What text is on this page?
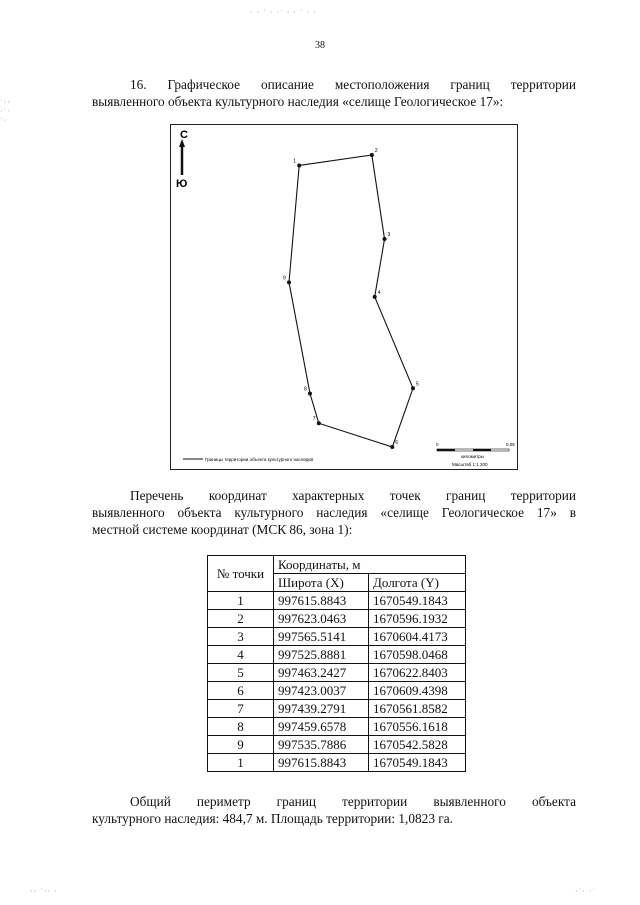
· ‧ ˙ ‧ ·˙ · ‧ ˙ ‧ ·
˙·‧
·˙·
˙‧
38
16. Графическое описание местоположения границ территории
выявленного объекта культурного наследия «селище Геологическое 17»:
С
Ю
1
2
3
4
5
6
7
8
9
Границы территории объекта культурного наследия
0	0.05
километры
Масштаб 1:1 200
Перечень координат характерных точек границ территории
выявленного объекта культурного наследия «селище Геологическое 17» в
местной системе координат (МСК 86, зона 1):
№ точки	Координаты, м	
	Широта (X)	Долгота (Y)
1	997615.8843	1670549.1843
2	997623.0463	1670596.1932
3	997565.5141	1670604.4173
4	997525.8881	1670598.0468
5	997463.2427	1670622.8403
6	997423.0037	1670609.4398
7	997439.2791	1670561.8582
8	997459.6578	1670556.1618
9	997535.7886	1670542.5828
1	997615.8843	1670549.1843
Общий периметр границ территории выявленного объекта
культурного наследия: 484,7 м. Площадь территории: 1,0823 га.
·‧ ˙·‧ ·	‧˙· ·˙
